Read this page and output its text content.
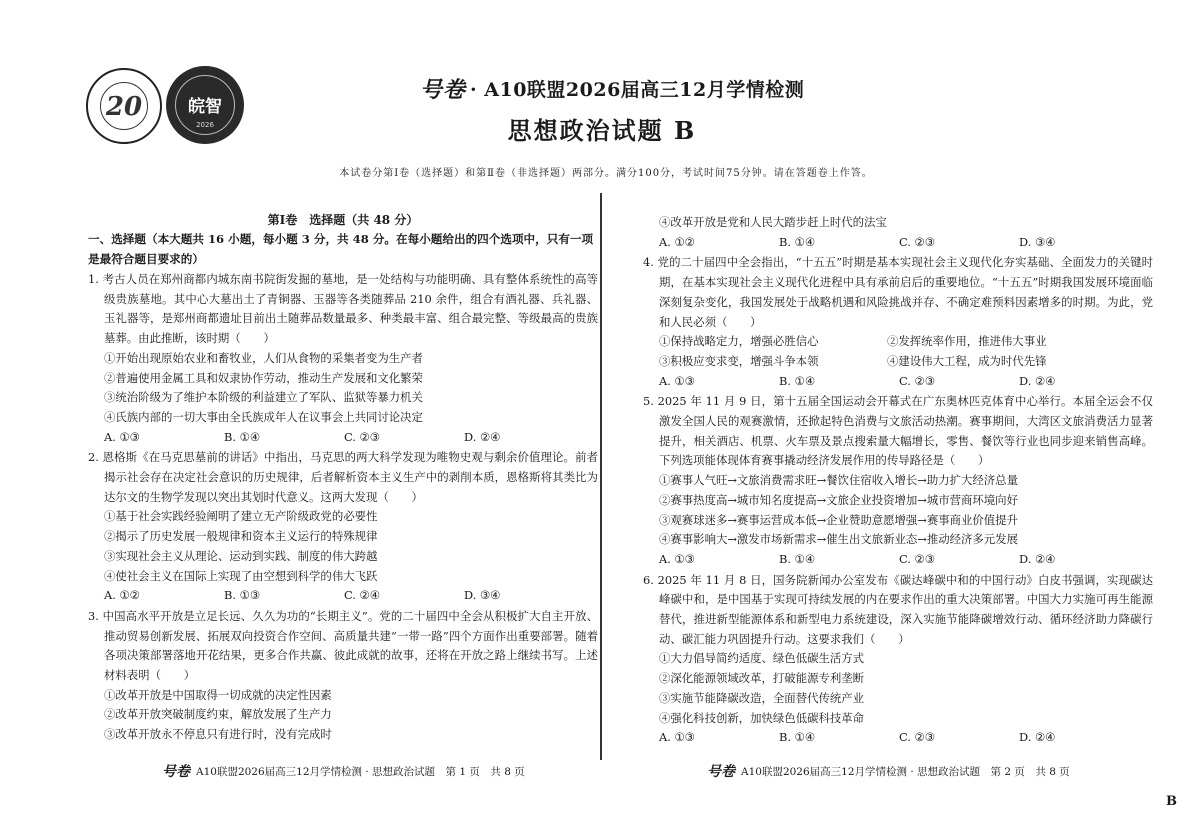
20	皖智
2026
号卷 · A10联盟2026届高三12月学情检测
思想政治试题 B
本试卷分第Ⅰ卷（选择题）和第Ⅱ卷（非选择题）两部分。满分100分，考试时间75分钟。请在答题卷上作答。
第Ⅰ卷　选择题（共 48 分）
一、选择题（本大题共 16 小题，每小题 3 分，共 48 分。在每小题给出的四个选项中，只有一项是最符合题目要求的）
1. 考古人员在郑州商都内城东南书院街发掘的墓地，是一处结构与功能明确、具有整体系统性的高等级贵族墓地。其中心大墓出土了青铜器、玉器等各类随葬品 210 余件，组合有酒礼器、兵礼器、玉礼器等，是郑州商都遗址目前出土随葬品数量最多、种类最丰富、组合最完整、等级最高的贵族墓葬。由此推断，该时期（　　）
①开始出现原始农业和畜牧业，人们从食物的采集者变为生产者
②普遍使用金属工具和奴隶协作劳动，推动生产发展和文化繁荣
③统治阶级为了维护本阶级的利益建立了军队、监狱等暴力机关
④氏族内部的一切大事由全氏族成年人在议事会上共同讨论决定
A. ①③	B. ①④	C. ②③	D. ②④
2. 恩格斯《在马克思墓前的讲话》中指出，马克思的两大科学发现为唯物史观与剩余价值理论。前者揭示社会存在决定社会意识的历史规律，后者解析资本主义生产中的剥削本质，恩格斯将其类比为达尔文的生物学发现以突出其划时代意义。这两大发现（　　）
①基于社会实践经验阐明了建立无产阶级政党的必要性
②揭示了历史发展一般规律和资本主义运行的特殊规律
③实现社会主义从理论、运动到实践、制度的伟大跨越
④使社会主义在国际上实现了由空想到科学的伟大飞跃
A. ①②	B. ①③	C. ②④	D. ③④
3. 中国高水平开放是立足长远、久久为功的“长期主义”。党的二十届四中全会从积极扩大自主开放、推动贸易创新发展、拓展双向投资合作空间、高质量共建“一带一路”四个方面作出重要部署。随着各项决策部署落地开花结果，更多合作共赢、彼此成就的故事，还将在开放之路上继续书写。上述材料表明（　　）
①改革开放是中国取得一切成就的决定性因素
②改革开放突破制度约束，解放发展了生产力
③改革开放永不停息只有进行时，没有完成时
④改革开放是党和人民大踏步赶上时代的法宝
A. ①②	B. ①④	C. ②③	D. ③④
4. 党的二十届四中全会指出，“十五五”时期是基本实现社会主义现代化夯实基础、全面发力的关键时期，在基本实现社会主义现代化进程中具有承前启后的重要地位。“十五五”时期我国发展环境面临深刻复杂变化，我国发展处于战略机遇和风险挑战并存、不确定难预料因素增多的时期。为此，党和人民必须（　　）
①保持战略定力，增强必胜信心	②发挥统率作用，推进伟大事业
③积极应变求变，增强斗争本领	④建设伟大工程，成为时代先锋
A. ①③	B. ①④	C. ②③	D. ②④
5. 2025 年 11 月 9 日，第十五届全国运动会开幕式在广东奥林匹克体育中心举行。本届全运会不仅激发全国人民的观赛激情，还掀起特色消费与文旅活动热潮。赛事期间，大湾区文旅消费活力显著提升，相关酒店、机票、火车票及景点搜索量大幅增长，零售、餐饮等行业也同步迎来销售高峰。下列选项能体现体育赛事撬动经济发展作用的传导路径是（　　）
①赛事人气旺→文旅消费需求旺→餐饮住宿收入增长→助力扩大经济总量
②赛事热度高→城市知名度提高→文旅企业投资增加→城市营商环境向好
③观赛球迷多→赛事运营成本低→企业赞助意愿增强→赛事商业价值提升
④赛事影响大→激发市场新需求→催生出文旅新业态→推动经济多元发展
A. ①③	B. ①④	C. ②③	D. ②④
6. 2025 年 11 月 8 日，国务院新闻办公室发布《碳达峰碳中和的中国行动》白皮书强调，实现碳达峰碳中和，是中国基于实现可持续发展的内在要求作出的重大决策部署。中国大力实施可再生能源替代，推进新型能源体系和新型电力系统建设，深入实施节能降碳增效行动、循环经济助力降碳行动、碳汇能力巩固提升行动。这要求我们（　　）
①大力倡导简约适度、绿色低碳生活方式
②深化能源领域改革，打破能源专利垄断
③实施节能降碳改造，全面替代传统产业
④强化科技创新，加快绿色低碳科技革命
A. ①③	B. ①④	C. ②③	D. ②④
号卷 A10联盟2026届高三12月学情检测 · 思想政治试题　第 1 页　共 8 页	号卷 A10联盟2026届高三12月学情检测 · 思想政治试题　第 2 页　共 8 页
B
